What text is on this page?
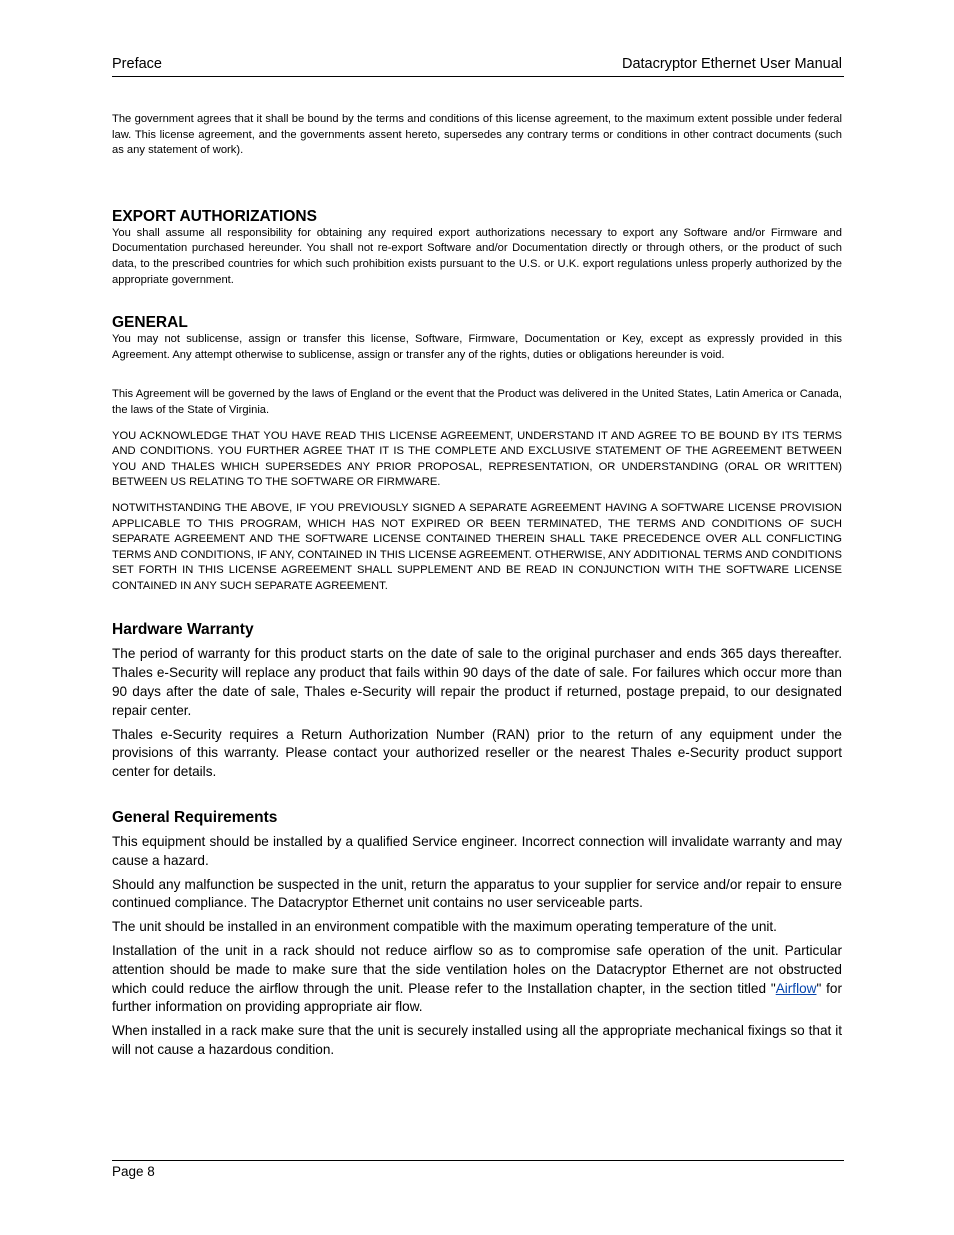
Preface	Datacryptor Ethernet User Manual

The government agrees that it shall be bound by the terms and conditions of this license agreement, to the maximum extent possible under federal law. This license agreement, and the governments assent hereto, supersedes any contrary terms or conditions in other contract documents (such as any statement of work).

EXPORT AUTHORIZATIONS

You shall assume all responsibility for obtaining any required export authorizations necessary to export any Software and/or Firmware and Documentation purchased hereunder. You shall not re-export Software and/or Documentation directly or through others, or the product of such data, to the prescribed countries for which such prohibition exists pursuant to the U.S. or U.K. export regulations unless properly authorized by the appropriate government.

GENERAL

You may not sublicense, assign or transfer this license, Software, Firmware, Documentation or Key, except as expressly provided in this Agreement. Any attempt otherwise to sublicense, assign or transfer any of the rights, duties or obligations hereunder is void.

This Agreement will be governed by the laws of England or the event that the Product was delivered in the United States, Latin America or Canada, the laws of the State of Virginia.

YOU ACKNOWLEDGE THAT YOU HAVE READ THIS LICENSE AGREEMENT, UNDERSTAND IT AND AGREE TO BE BOUND BY ITS TERMS AND CONDITIONS. YOU FURTHER AGREE THAT IT IS THE COMPLETE AND EXCLUSIVE STATEMENT OF THE AGREEMENT BETWEEN YOU AND THALES WHICH SUPERSEDES ANY PRIOR PROPOSAL, REPRESENTATION, OR UNDERSTANDING (ORAL OR WRITTEN) BETWEEN US RELATING TO THE SOFTWARE OR FIRMWARE.

NOTWITHSTANDING THE ABOVE, IF YOU PREVIOUSLY SIGNED A SEPARATE AGREEMENT HAVING A SOFTWARE LICENSE PROVISION APPLICABLE TO THIS PROGRAM, WHICH HAS NOT EXPIRED OR BEEN TERMINATED, THE TERMS AND CONDITIONS OF SUCH SEPARATE AGREEMENT AND THE SOFTWARE LICENSE CONTAINED THEREIN SHALL TAKE PRECEDENCE OVER ALL CONFLICTING TERMS AND CONDITIONS, IF ANY, CONTAINED IN THIS LICENSE AGREEMENT. OTHERWISE, ANY ADDITIONAL TERMS AND CONDITIONS SET FORTH IN THIS LICENSE AGREEMENT SHALL SUPPLEMENT AND BE READ IN CONJUNCTION WITH THE SOFTWARE LICENSE CONTAINED IN ANY SUCH SEPARATE AGREEMENT.

Hardware Warranty

The period of warranty for this product starts on the date of sale to the original purchaser and ends 365 days thereafter. Thales e-Security will replace any product that fails within 90 days of the date of sale. For failures which occur more than 90 days after the date of sale, Thales e-Security will repair the product if returned, postage prepaid, to our designated repair center.

Thales e-Security requires a Return Authorization Number (RAN) prior to the return of any equipment under the provisions of this warranty. Please contact your authorized reseller or the nearest Thales e-Security product support center for details.

General Requirements

This equipment should be installed by a qualified Service engineer. Incorrect connection will invalidate warranty and may cause a hazard.

Should any malfunction be suspected in the unit, return the apparatus to your supplier for service and/or repair to ensure continued compliance. The Datacryptor Ethernet unit contains no user serviceable parts.

The unit should be installed in an environment compatible with the maximum operating temperature of the unit.

Installation of the unit in a rack should not reduce airflow so as to compromise safe operation of the unit. Particular attention should be made to make sure that the side ventilation holes on the Datacryptor Ethernet are not obstructed which could reduce the airflow through the unit. Please refer to the Installation chapter, in the section titled "Airflow" for further information on providing appropriate air flow.

When installed in a rack make sure that the unit is securely installed using all the appropriate mechanical fixings so that it will not cause a hazardous condition.

Page 8
